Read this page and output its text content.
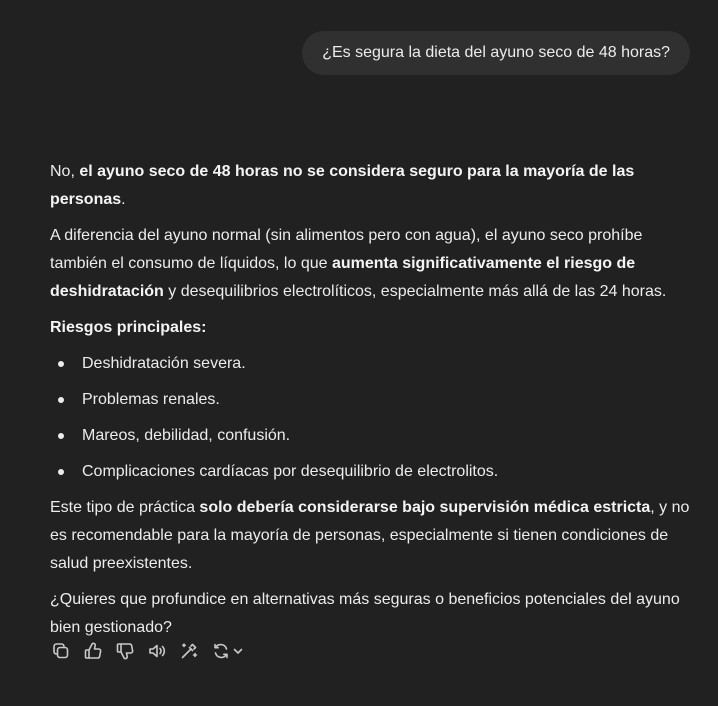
¿Es segura la dieta del ayuno seco de 48 horas?

No, el ayuno seco de 48 horas no se considera seguro para la mayoría de las personas.

A diferencia del ayuno normal (sin alimentos pero con agua), el ayuno seco prohíbe también el consumo de líquidos, lo que aumenta significativamente el riesgo de deshidratación y desequilibrios electrolíticos, especialmente más allá de las 24 horas.

Riesgos principales:

Deshidratación severa.
Problemas renales.
Mareos, debilidad, confusión.
Complicaciones cardíacas por desequilibrio de electrolitos.

Este tipo de práctica solo debería considerarse bajo supervisión médica estricta, y no es recomendable para la mayoría de personas, especialmente si tienen condiciones de salud preexistentes.

¿Quieres que profundice en alternativas más seguras o beneficios potenciales del ayuno bien gestionado?
